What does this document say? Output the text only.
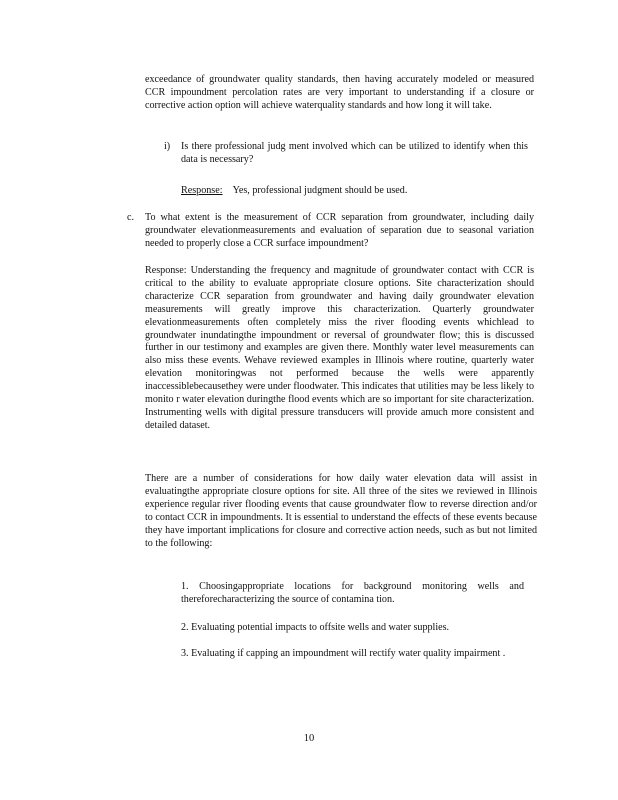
exceedance of groundwater quality standards, then having accurately modeled or measured CCR impoundment percolation rates are very important to understanding if a closure or corrective action option will achieve waterquality standards and how long it will take.

i) Is there professional judg ment involved which can be utilized to identify when this data is necessary?

Response: Yes, professional judgment should be used.

c. To what extent is the measurement of CCR separation from groundwater, including daily groundwater elevationmeasurements and evaluation of separation due to seasonal variation needed to properly close a CCR surface impoundment?

Response: Understanding the frequency and magnitude of groundwater contact with CCR is critical to the ability to evaluate appropriate closure options. Site characterization should characterize CCR separation from groundwater and having daily groundwater elevation measurements will greatly improve this characterization. Quarterly groundwater elevationmeasurements often completely miss the river flooding events whichlead to groundwater inundatingthe impoundment or reversal of groundwater flow; this is discussed further in our testimony and examples are given there. Monthly water level measurements can also miss these events. Wehave reviewed examples in Illinois where routine, quarterly water elevation monitoringwas not performed because the wells were apparently inaccessiblebecausethey were under floodwater. This indicates that utilities may be less likely to monito r water elevation duringthe flood events which are so important for site characterization. Instrumenting wells with digital pressure transducers will provide amuch more consistent and detailed dataset.

There are a number of considerations for how daily water elevation data will assist in evaluatingthe appropriate closure options for site. All three of the sites we reviewed in Illinois experience regular river flooding events that cause groundwater flow to reverse direction and/or to contact CCR in impoundments. It is essential to understand the effects of these events because they have important implications for closure and corrective action needs, such as but not limited to the following:

1. Choosingappropriate locations for background monitoring wells and thereforecharacterizing the source of contamina tion.

2. Evaluating potential impacts to offsite wells and water supplies.

3. Evaluating if capping an impoundment will rectify water quality impairment .

10
